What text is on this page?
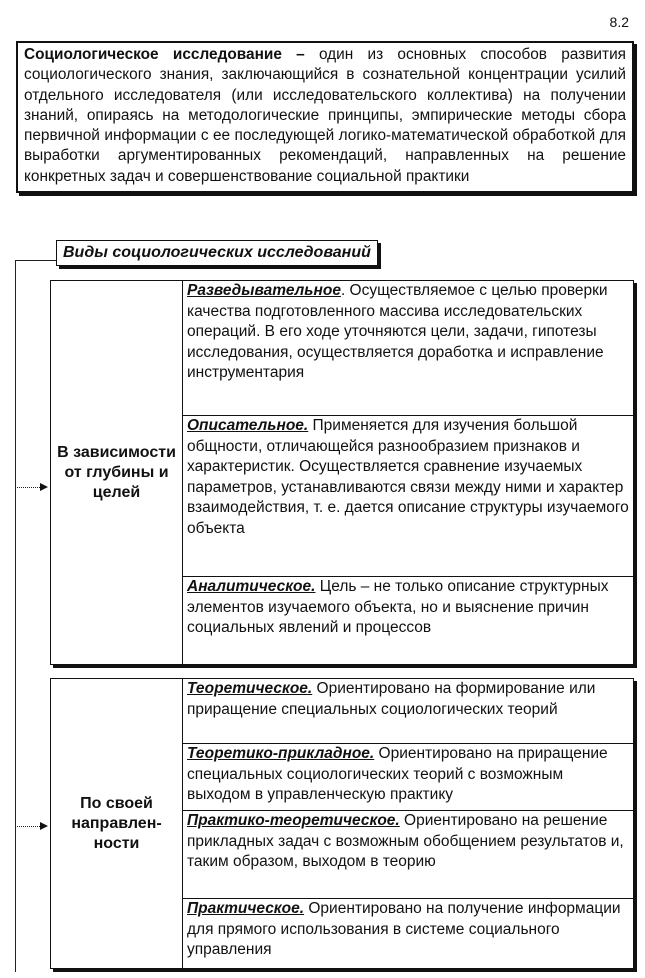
8.2
Социологическое исследование – один из основных способов развития социологического знания, заключающийся в сознательной концентрации усилий отдельного исследователя (или исследовательского коллектива) на получении знаний, опираясь на методологические принципы, эмпирические методы сбора первичной информации с ее последующей логико-математической обработкой для выработки аргументированных рекомендаций, направленных на решение конкретных задач и совершенствование социальной практики
Виды социологических исследований
В зависимости от глубины и целей
Разведывательное. Осуществляемое с целью проверки качества подготовленного массива исследовательских операций. В его ходе уточняются цели, задачи, гипотезы исследования, осуществляется доработка и исправление инструментария
Описательное. Применяется для изучения большой общности, отличающейся разнообразием признаков и характеристик. Осуществляется сравнение изучаемых параметров, устанавливаются связи между ними и характер взаимодействия, т. е. дается описание структуры изучаемого объекта
Аналитическое. Цель – не только описание структурных элементов изучаемого объекта, но и выяснение причин социальных явлений и процессов
По своей направлен-ности
Теоретическое. Ориентировано на формирование или приращение специальных социологических теорий
Теоретико-прикладное. Ориентировано на приращение специальных социологических теорий с возможным выходом в управленческую практику
Практико-теоретическое. Ориентировано на решение прикладных задач с возможным обобщением результатов и, таким образом, выходом в теорию
Практическое. Ориентировано на получение информации для прямого использования в системе социального управления
